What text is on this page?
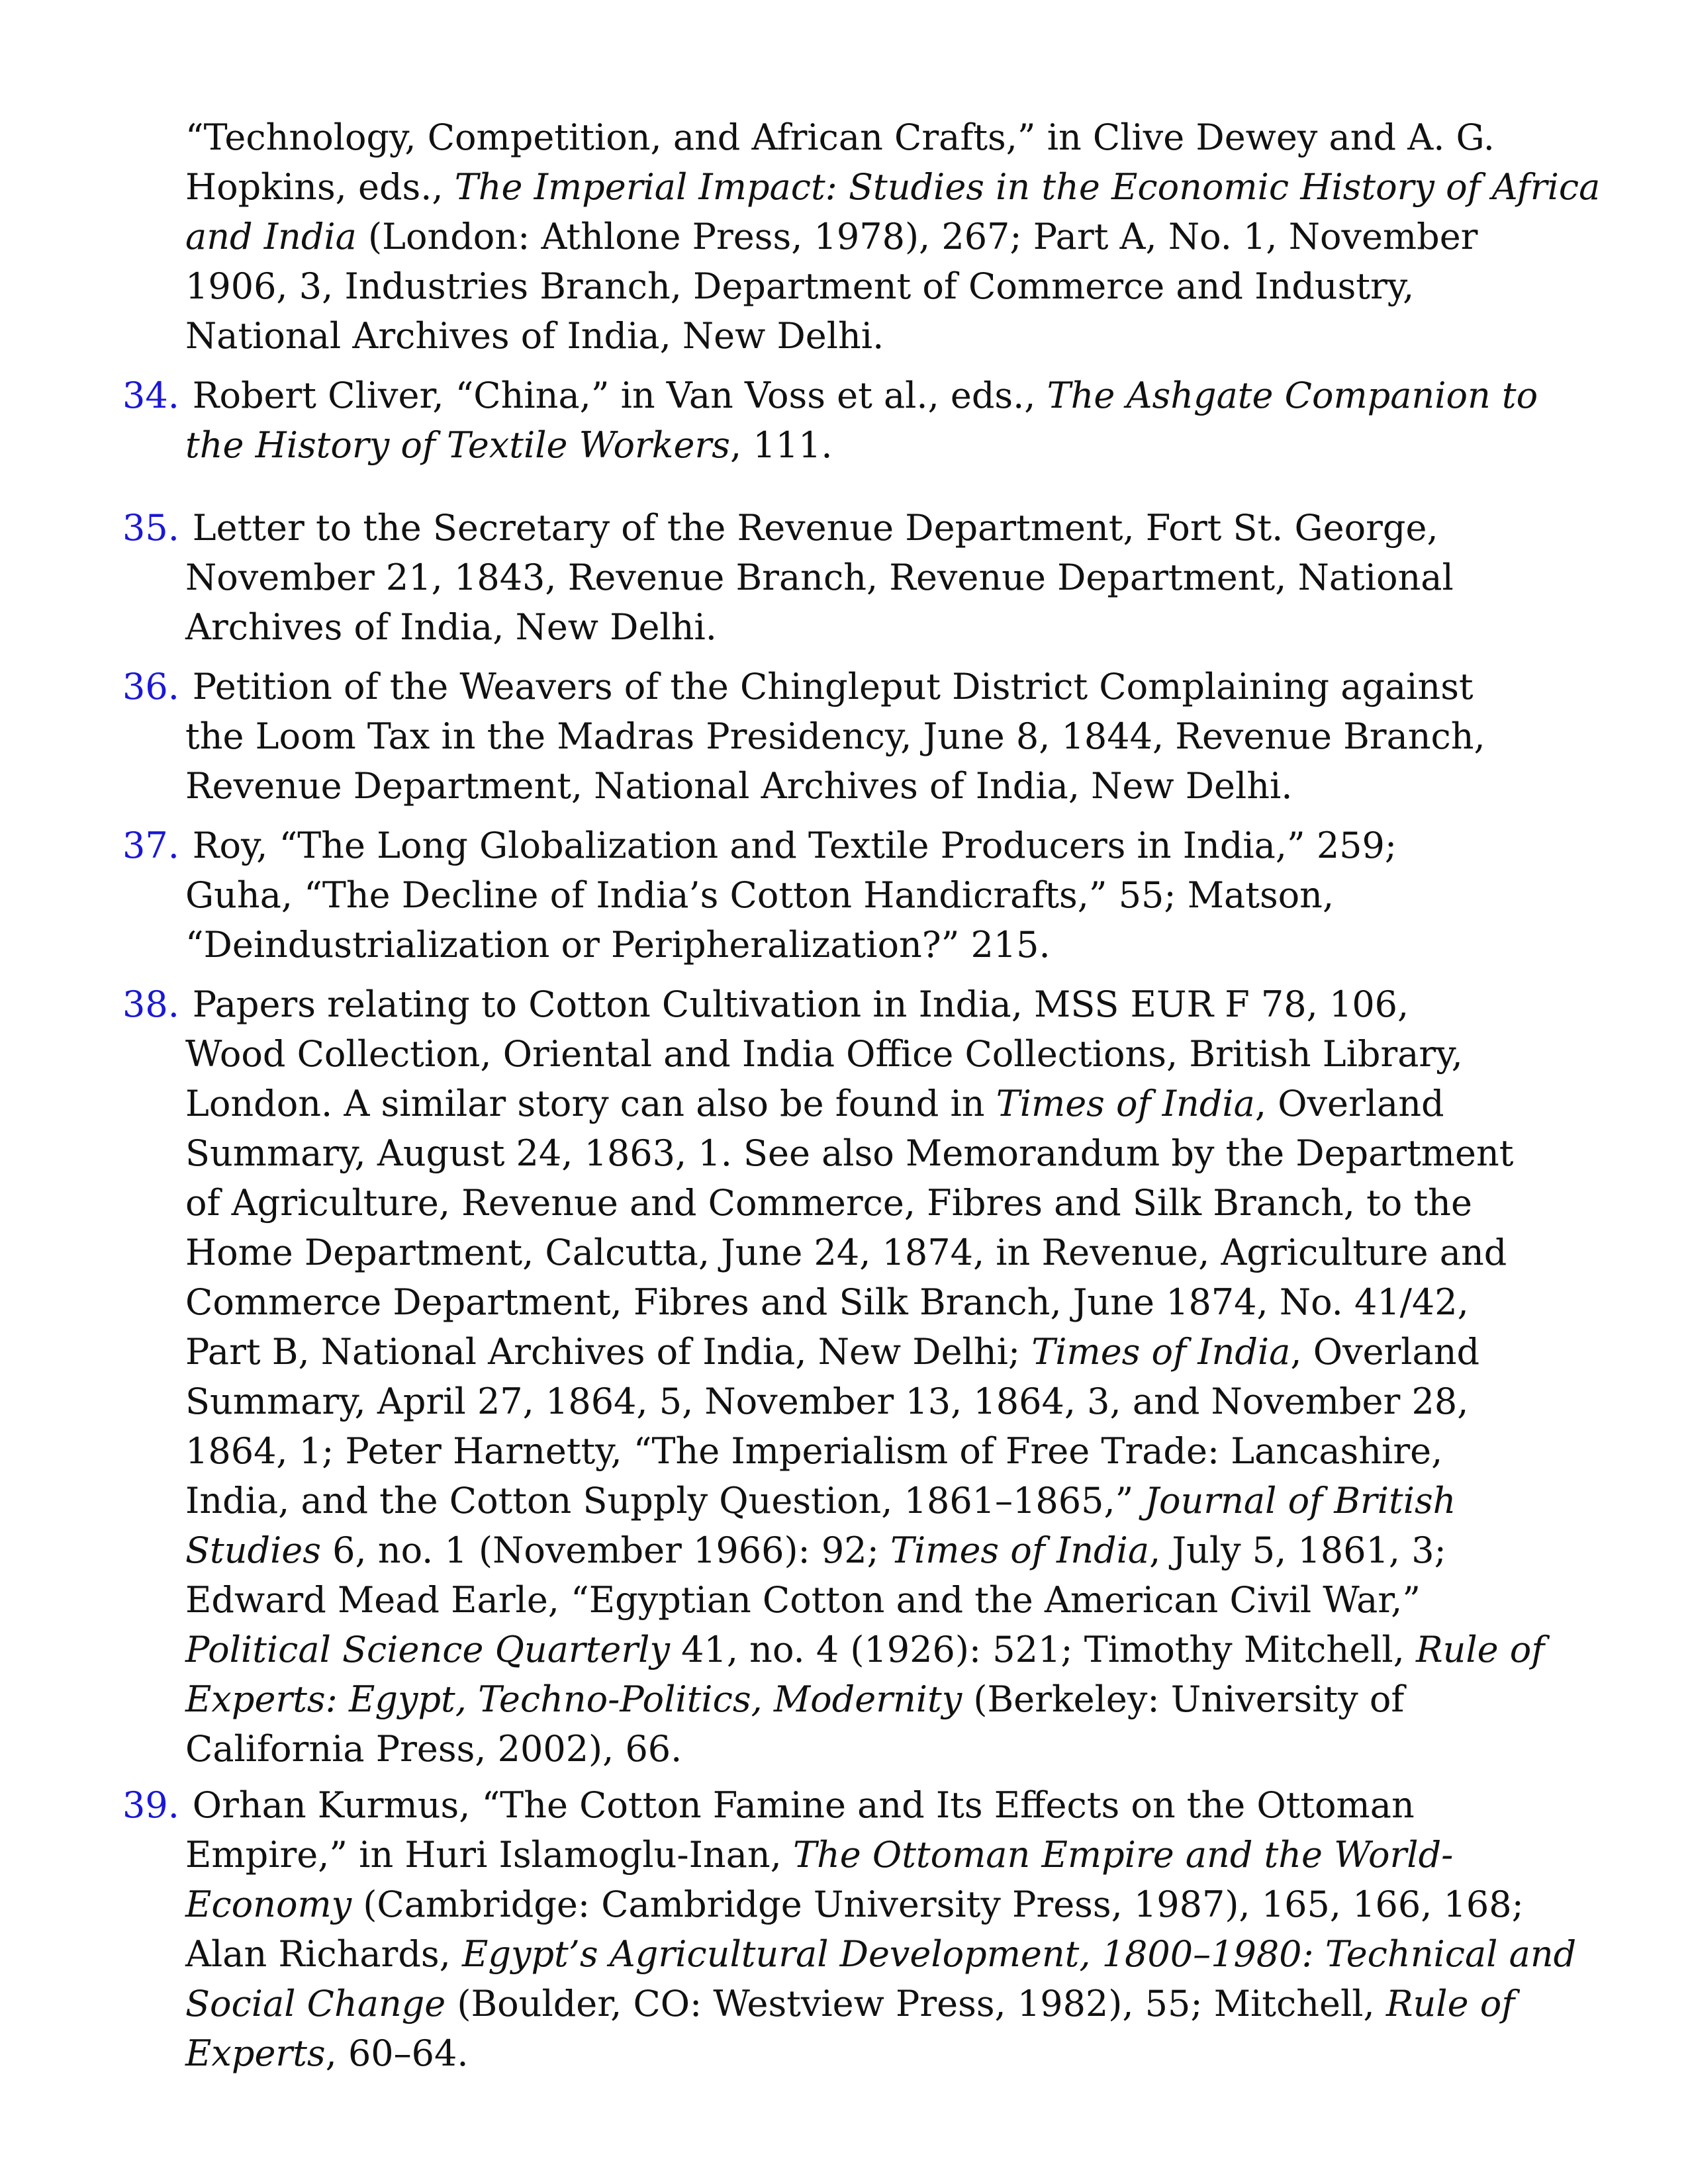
“Technology, Competition, and African Crafts,” in Clive Dewey and A. G.
Hopkins, eds., The Imperial Impact: Studies in the Economic History of Africa
and India (London: Athlone Press, 1978), 267; Part A, No. 1, November
1906, 3, Industries Branch, Department of Commerce and Industry,
National Archives of India, New Delhi.
34.
  Robert Cliver, “China,” in Van Voss et al., eds., The Ashgate Companion to
the History of Textile Workers, 111.
35.
  Letter to the Secretary of the Revenue Department, Fort St. George,
November 21, 1843, Revenue Branch, Revenue Department, National
Archives of India, New Delhi.
36.
  Petition of the Weavers of the Chingleput District Complaining against
the Loom Tax in the Madras Presidency, June 8, 1844, Revenue Branch,
Revenue Department, National Archives of India, New Delhi.
37.
  Roy, “The Long Globalization and Textile Producers in India,” 259;
Guha, “The Decline of India’s Cotton Handicrafts,” 55; Matson,
“Deindustrialization or Peripheralization?” 215.
38.
  Papers relating to Cotton Cultivation in India, MSS EUR F 78, 106,
Wood Collection, Oriental and India Office Collections, British Library,
London. A similar story can also be found in Times of India, Overland
Summary, August 24, 1863, 1. See also Memorandum by the Department
of Agriculture, Revenue and Commerce, Fibres and Silk Branch, to the
Home Department, Calcutta, June 24, 1874, in Revenue, Agriculture and
Commerce Department, Fibres and Silk Branch, June 1874, No. 41/42,
Part B, National Archives of India, New Delhi; Times of India, Overland
Summary, April 27, 1864, 5, November 13, 1864, 3, and November 28,
1864, 1; Peter Harnetty, “The Imperialism of Free Trade: Lancashire,
India, and the Cotton Supply Question, 1861–1865,” Journal of British
Studies 6, no. 1 (November 1966): 92; Times of India, July 5, 1861, 3;
Edward Mead Earle, “Egyptian Cotton and the American Civil War,”
Political Science Quarterly 41, no. 4 (1926): 521; Timothy Mitchell, Rule of
Experts: Egypt, Techno-Politics, Modernity (Berkeley: University of
California Press, 2002), 66.
39.
  Orhan Kurmus, “The Cotton Famine and Its Effects on the Ottoman
Empire,” in Huri Islamoglu-Inan, The Ottoman Empire and the World-
Economy (Cambridge: Cambridge University Press, 1987), 165, 166, 168;
Alan Richards, Egypt’s Agricultural Development, 1800–1980: Technical and
Social Change (Boulder, CO: Westview Press, 1982), 55; Mitchell, Rule of
Experts, 60–64.
